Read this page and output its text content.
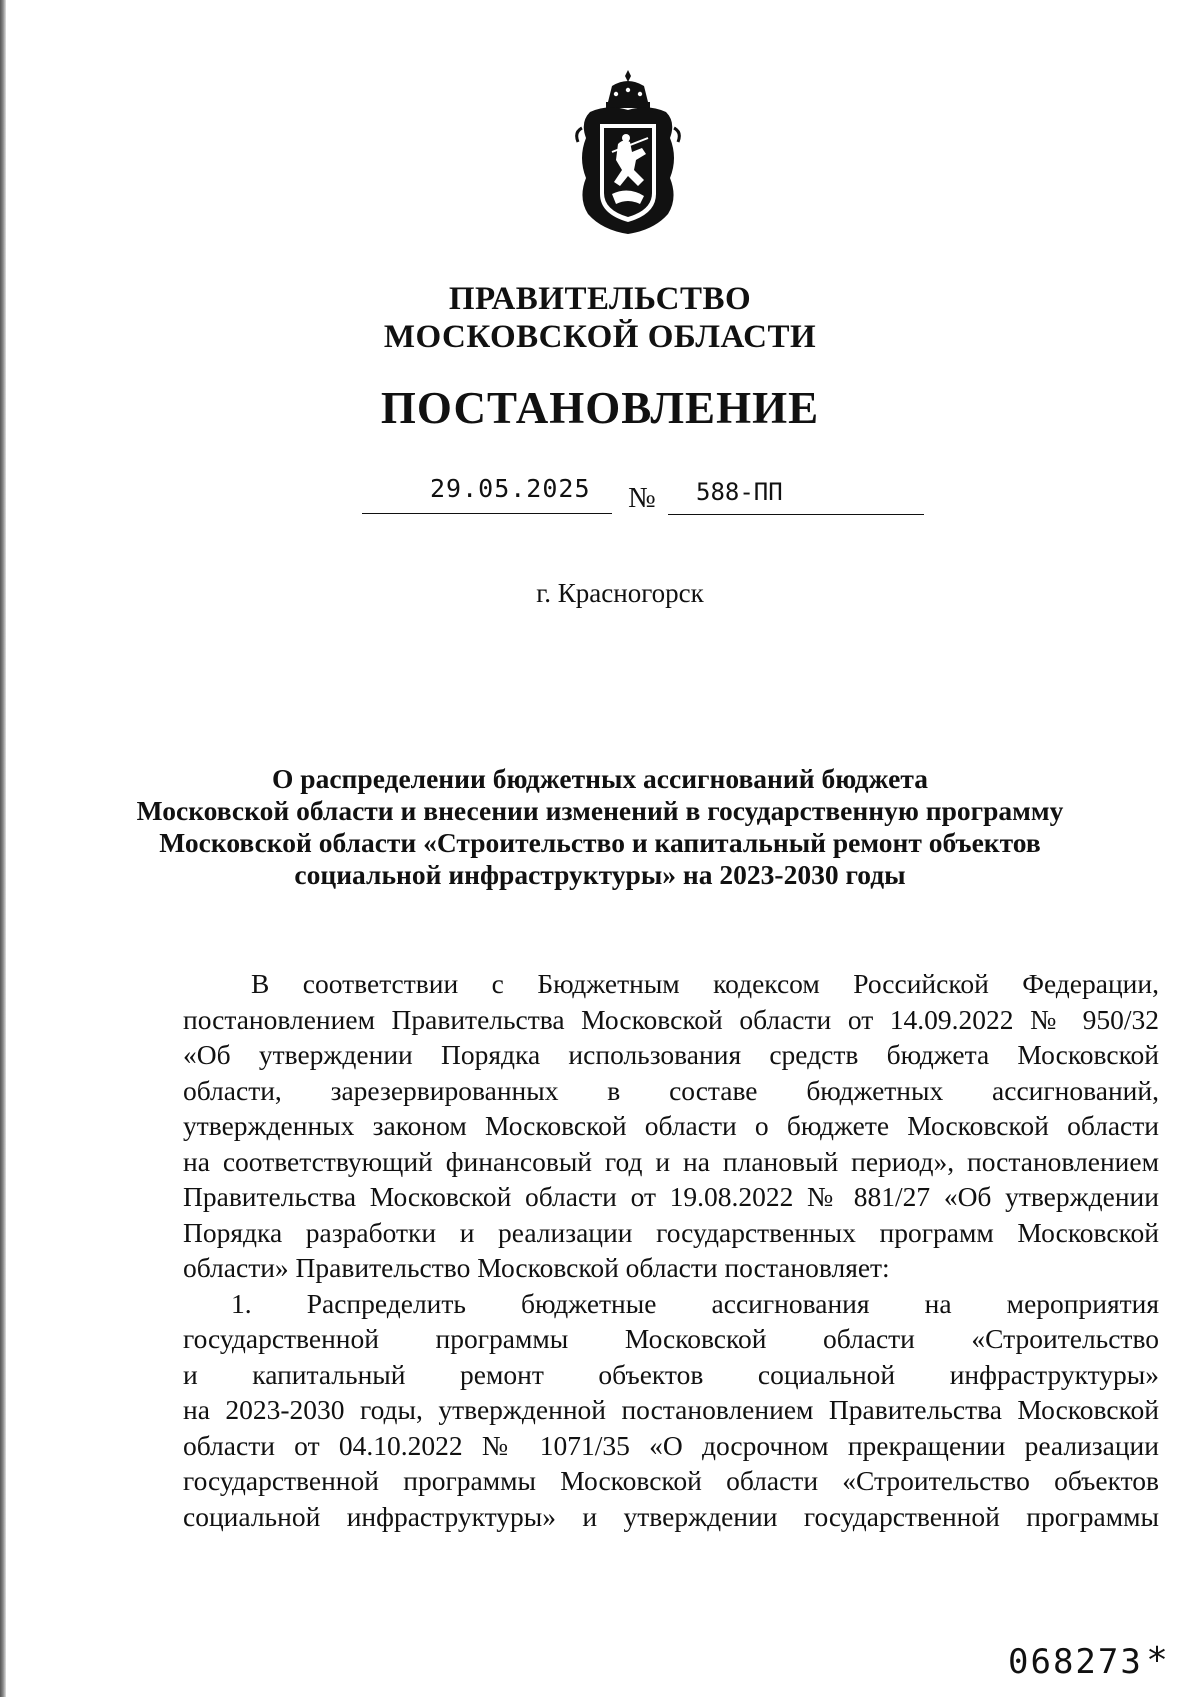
ПРАВИТЕЛЬСТВО
МОСКОВСКОЙ ОБЛАСТИ
ПОСТАНОВЛЕНИЕ
29.05.2025 № 588-ПП
г. Красногорск
О распределении бюджетных ассигнований бюджета
Московской области и внесении изменений в государственную программу
Московской области «Строительство и капитальный ремонт объектов
социальной инфраструктуры» на 2023-2030 годы
В соответствии с Бюджетным кодексом Российской Федерации,
постановлением Правительства Московской области от 14.09.2022 № 950/32
«Об утверждении Порядка использования средств бюджета Московской
области, зарезервированных в составе бюджетных ассигнований,
утвержденных законом Московской области о бюджете Московской области
на соответствующий финансовый год и на плановый период», постановлением
Правительства Московской области от 19.08.2022 № 881/27 «Об утверждении
Порядка разработки и реализации государственных программ Московской
области» Правительство Московской области постановляет:
1. Распределить бюджетные ассигнования на мероприятия
государственной программы Московской области «Строительство
и капитальный ремонт объектов социальной инфраструктуры»
на 2023-2030 годы, утвержденной постановлением Правительства Московской
области от 04.10.2022 № 1071/35 «О досрочном прекращении реализации
государственной программы Московской области «Строительство объектов
социальной инфраструктуры» и утверждении государственной программы
068273 *
